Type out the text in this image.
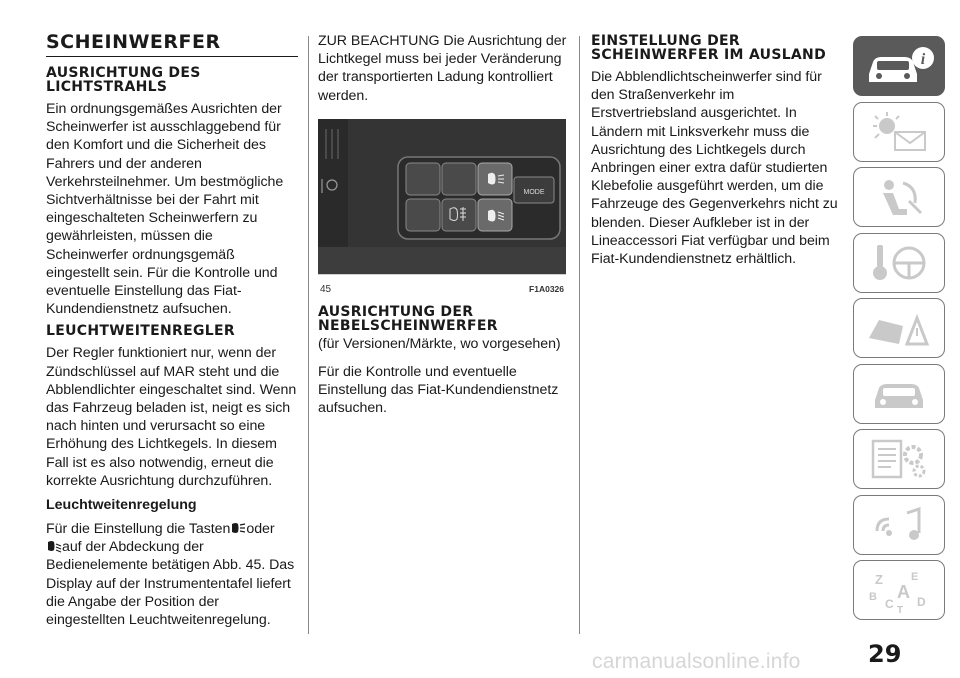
SCHEINWERFER
AUSRICHTUNG DES LICHTSTRAHLS

Ein ordnungsgemäßes Ausrichten der Scheinwerfer ist ausschlaggebend für den Komfort und die Sicherheit des Fahrers und der anderen Verkehrsteilnehmer. Um bestmögliche Sichtverhältnisse bei der Fahrt mit eingeschalteten Scheinwerfern zu gewährleisten, müssen die Scheinwerfer ordnungsgemäß eingestellt sein. Für die Kontrolle und eventuelle Einstellung das Fiat-Kundendienstnetz aufsuchen.

LEUCHTWEITENREGLER

Der Regler funktioniert nur, wenn der Zündschlüssel auf MAR steht und die Abblendlichter eingeschaltet sind. Wenn das Fahrzeug beladen ist, neigt es sich nach hinten und verursacht so eine Erhöhung des Lichtkegels. In diesem Fall ist es also notwendig, erneut die korrekte Ausrichtung durchzuführen.

Leuchtweitenregelung

Für die Einstellung die Tasten oder
auf der Abdeckung der Bedienelemente betätigen Abb. 45. Das Display auf der Instrumententafel liefert die Angabe der Position der eingestellten Leuchtweitenregelung.

ZUR BEACHTUNG Die Ausrichtung der Lichtkegel muss bei jeder Veränderung der transportierten Ladung kontrolliert werden.

MODE
45	F1A0326
AUSRICHTUNG DER NEBELSCHEINWERFER

(für Versionen/Märkte, wo vorgesehen)

Für die Kontrolle und eventuelle Einstellung das Fiat-Kundendienstnetz aufsuchen.

EINSTELLUNG DER SCHEINWERFER IM AUSLAND

Die Abblendlichtscheinwerfer sind für den Straßenverkehr im Erstvertriebsland ausgerichtet. In Ländern mit Linksverkehr muss die Ausrichtung des Lichtkegels durch Anbringen einer extra dafür studierten Klebefolie ausgeführt werden, um die Fahrzeuge des Gegenverkehrs nicht zu blenden. Dieser Aufkleber ist in der Lineaccessori Fiat verfügbar und beim Fiat-Kundendienstnetz erhältlich.

i
Z	E
B A
C D
T
29
carmanualsonline.info
